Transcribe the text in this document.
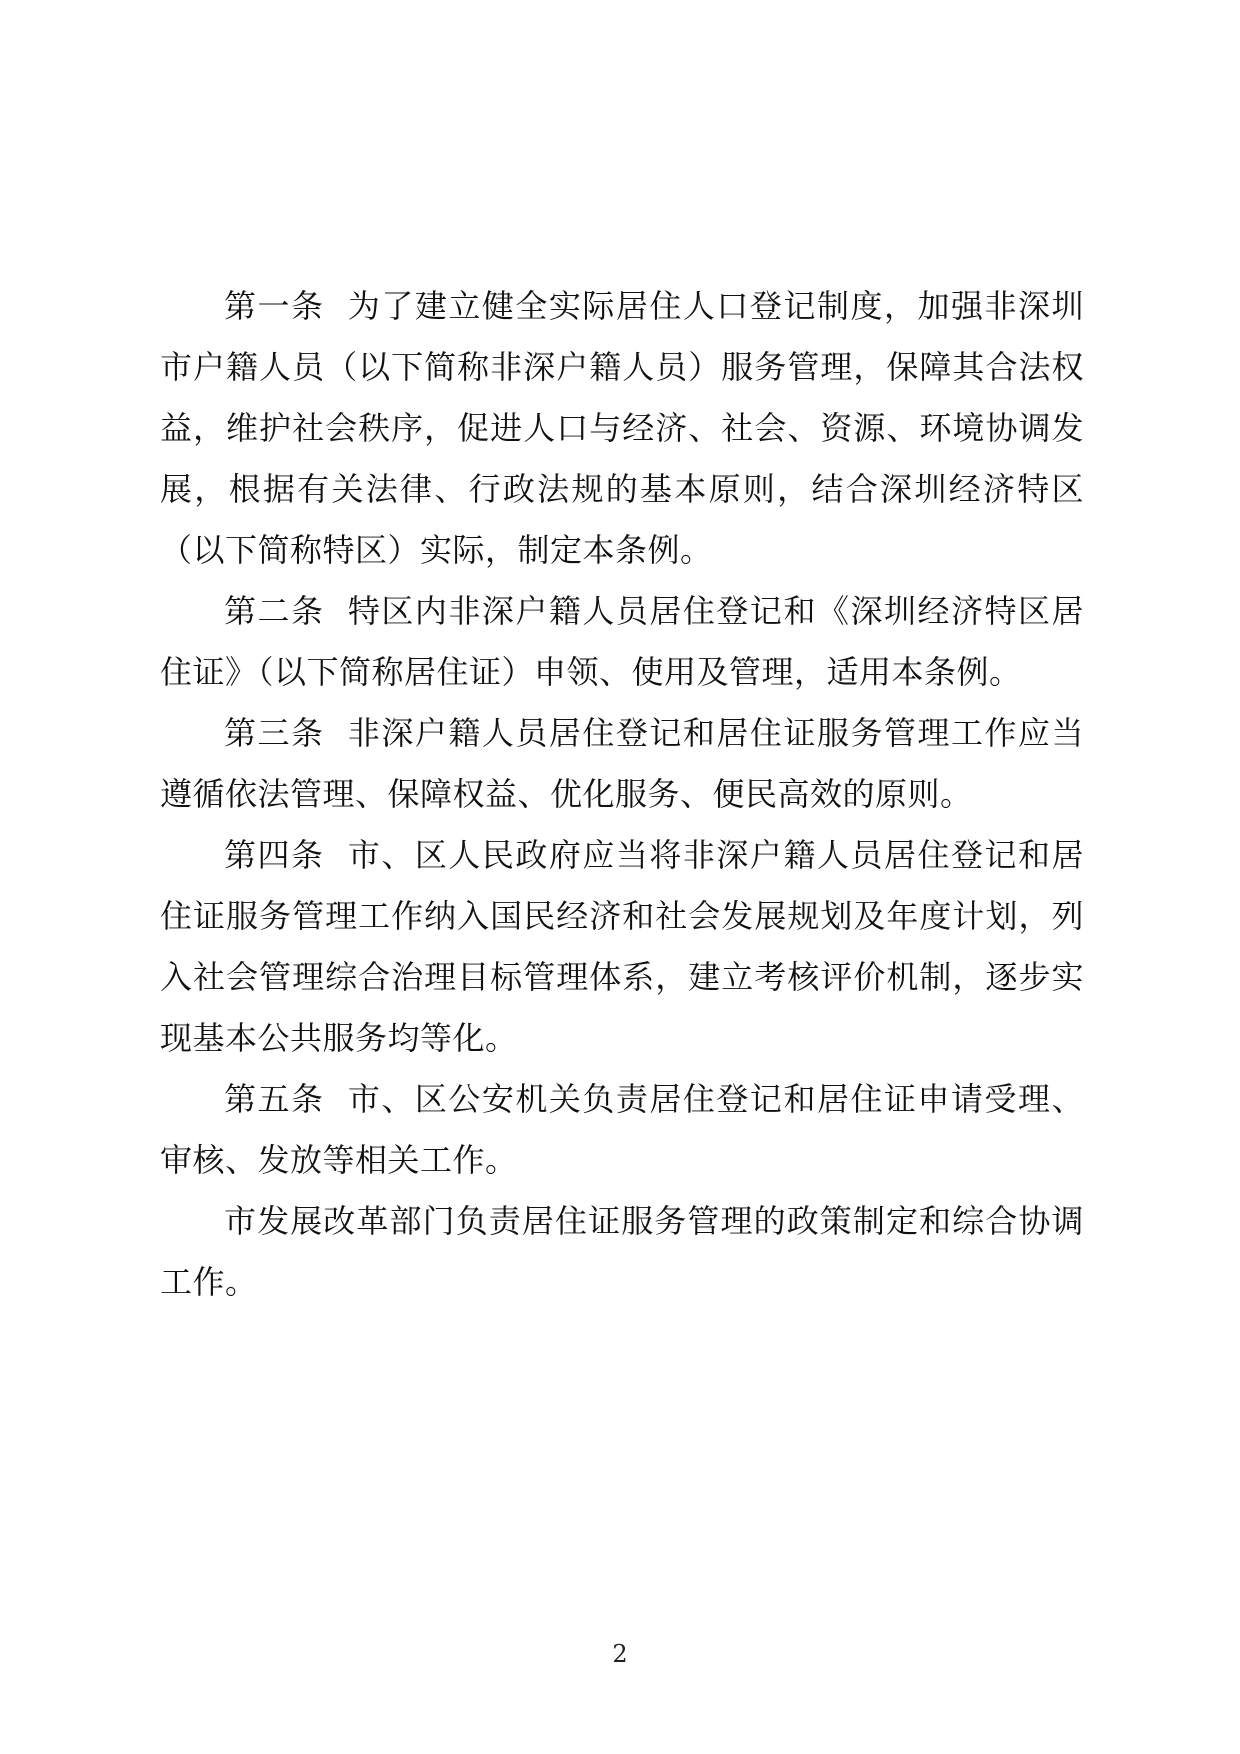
第一条 为了建立健全实际居住人口登记制度，加强非深圳市户籍人员（以下简称非深户籍人员）服务管理，保障其合法权益，维护社会秩序，促进人口与经济、社会、资源、环境协调发展，根据有关法律、行政法规的基本原则，结合深圳经济特区（以下简称特区）实际，制定本条例。

第二条 特区内非深户籍人员居住登记和《深圳经济特区居住证》（以下简称居住证）申领、使用及管理，适用本条例。

第三条 非深户籍人员居住登记和居住证服务管理工作应当遵循依法管理、保障权益、优化服务、便民高效的原则。

第四条 市、区人民政府应当将非深户籍人员居住登记和居住证服务管理工作纳入国民经济和社会发展规划及年度计划，列入社会管理综合治理目标管理体系，建立考核评价机制，逐步实现基本公共服务均等化。

第五条 市、区公安机关负责居住登记和居住证申请受理、审核、发放等相关工作。

市发展改革部门负责居住证服务管理的政策制定和综合协调工作。

2
